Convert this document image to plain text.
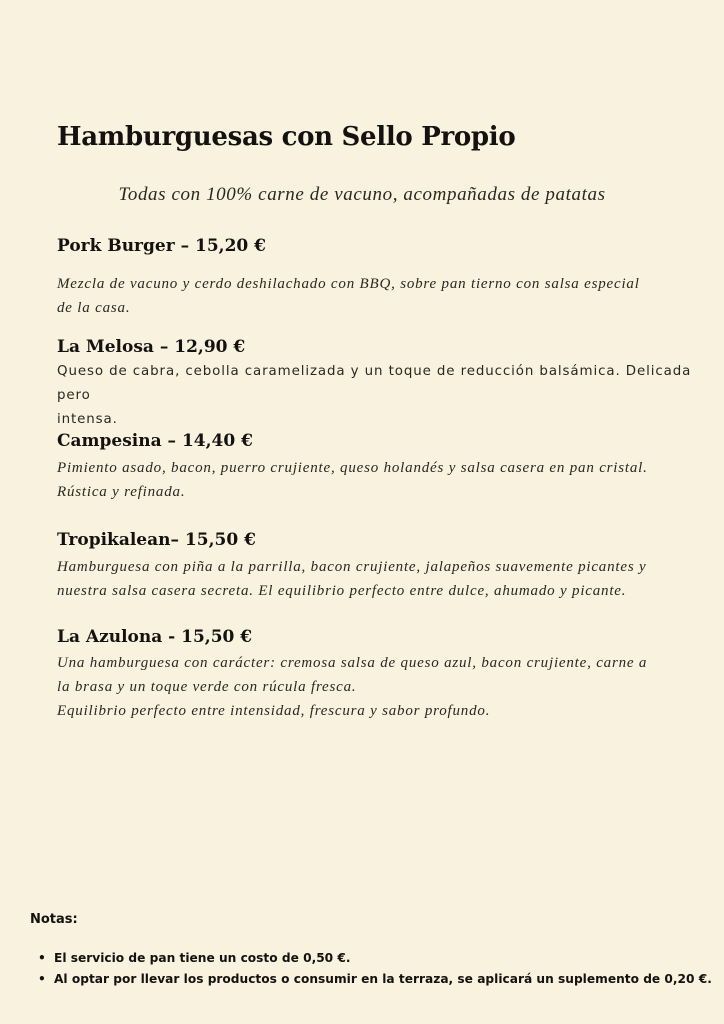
Hamburguesas con Sello Propio
Todas con 100% carne de vacuno, acompañadas de patatas
Pork Burger – 15,20 €
Mezcla de vacuno y cerdo deshilachado con BBQ, sobre pan tierno con salsa especial
de la casa.
La Melosa – 12,90 €
Queso de cabra, cebolla caramelizada y un toque de reducción balsámica. Delicada pero
intensa.
Campesina – 14,40 €
Pimiento asado, bacon, puerro crujiente, queso holandés y salsa casera en pan cristal.
Rústica y refinada.
Tropikalean– 15,50 €
Hamburguesa con piña a la parrilla, bacon crujiente, jalapeños suavemente picantes y
nuestra salsa casera secreta. El equilibrio perfecto entre dulce, ahumado y picante.
La Azulona - 15,50 €
Una hamburguesa con carácter: cremosa salsa de queso azul, bacon crujiente, carne a
la brasa y un toque verde con rúcula fresca.
Equilibrio perfecto entre intensidad, frescura y sabor profundo.
Notas:
• El servicio de pan tiene un costo de 0,50 €.
• Al optar por llevar los productos o consumir en la terraza, se aplicará un suplemento de 0,20 €.
